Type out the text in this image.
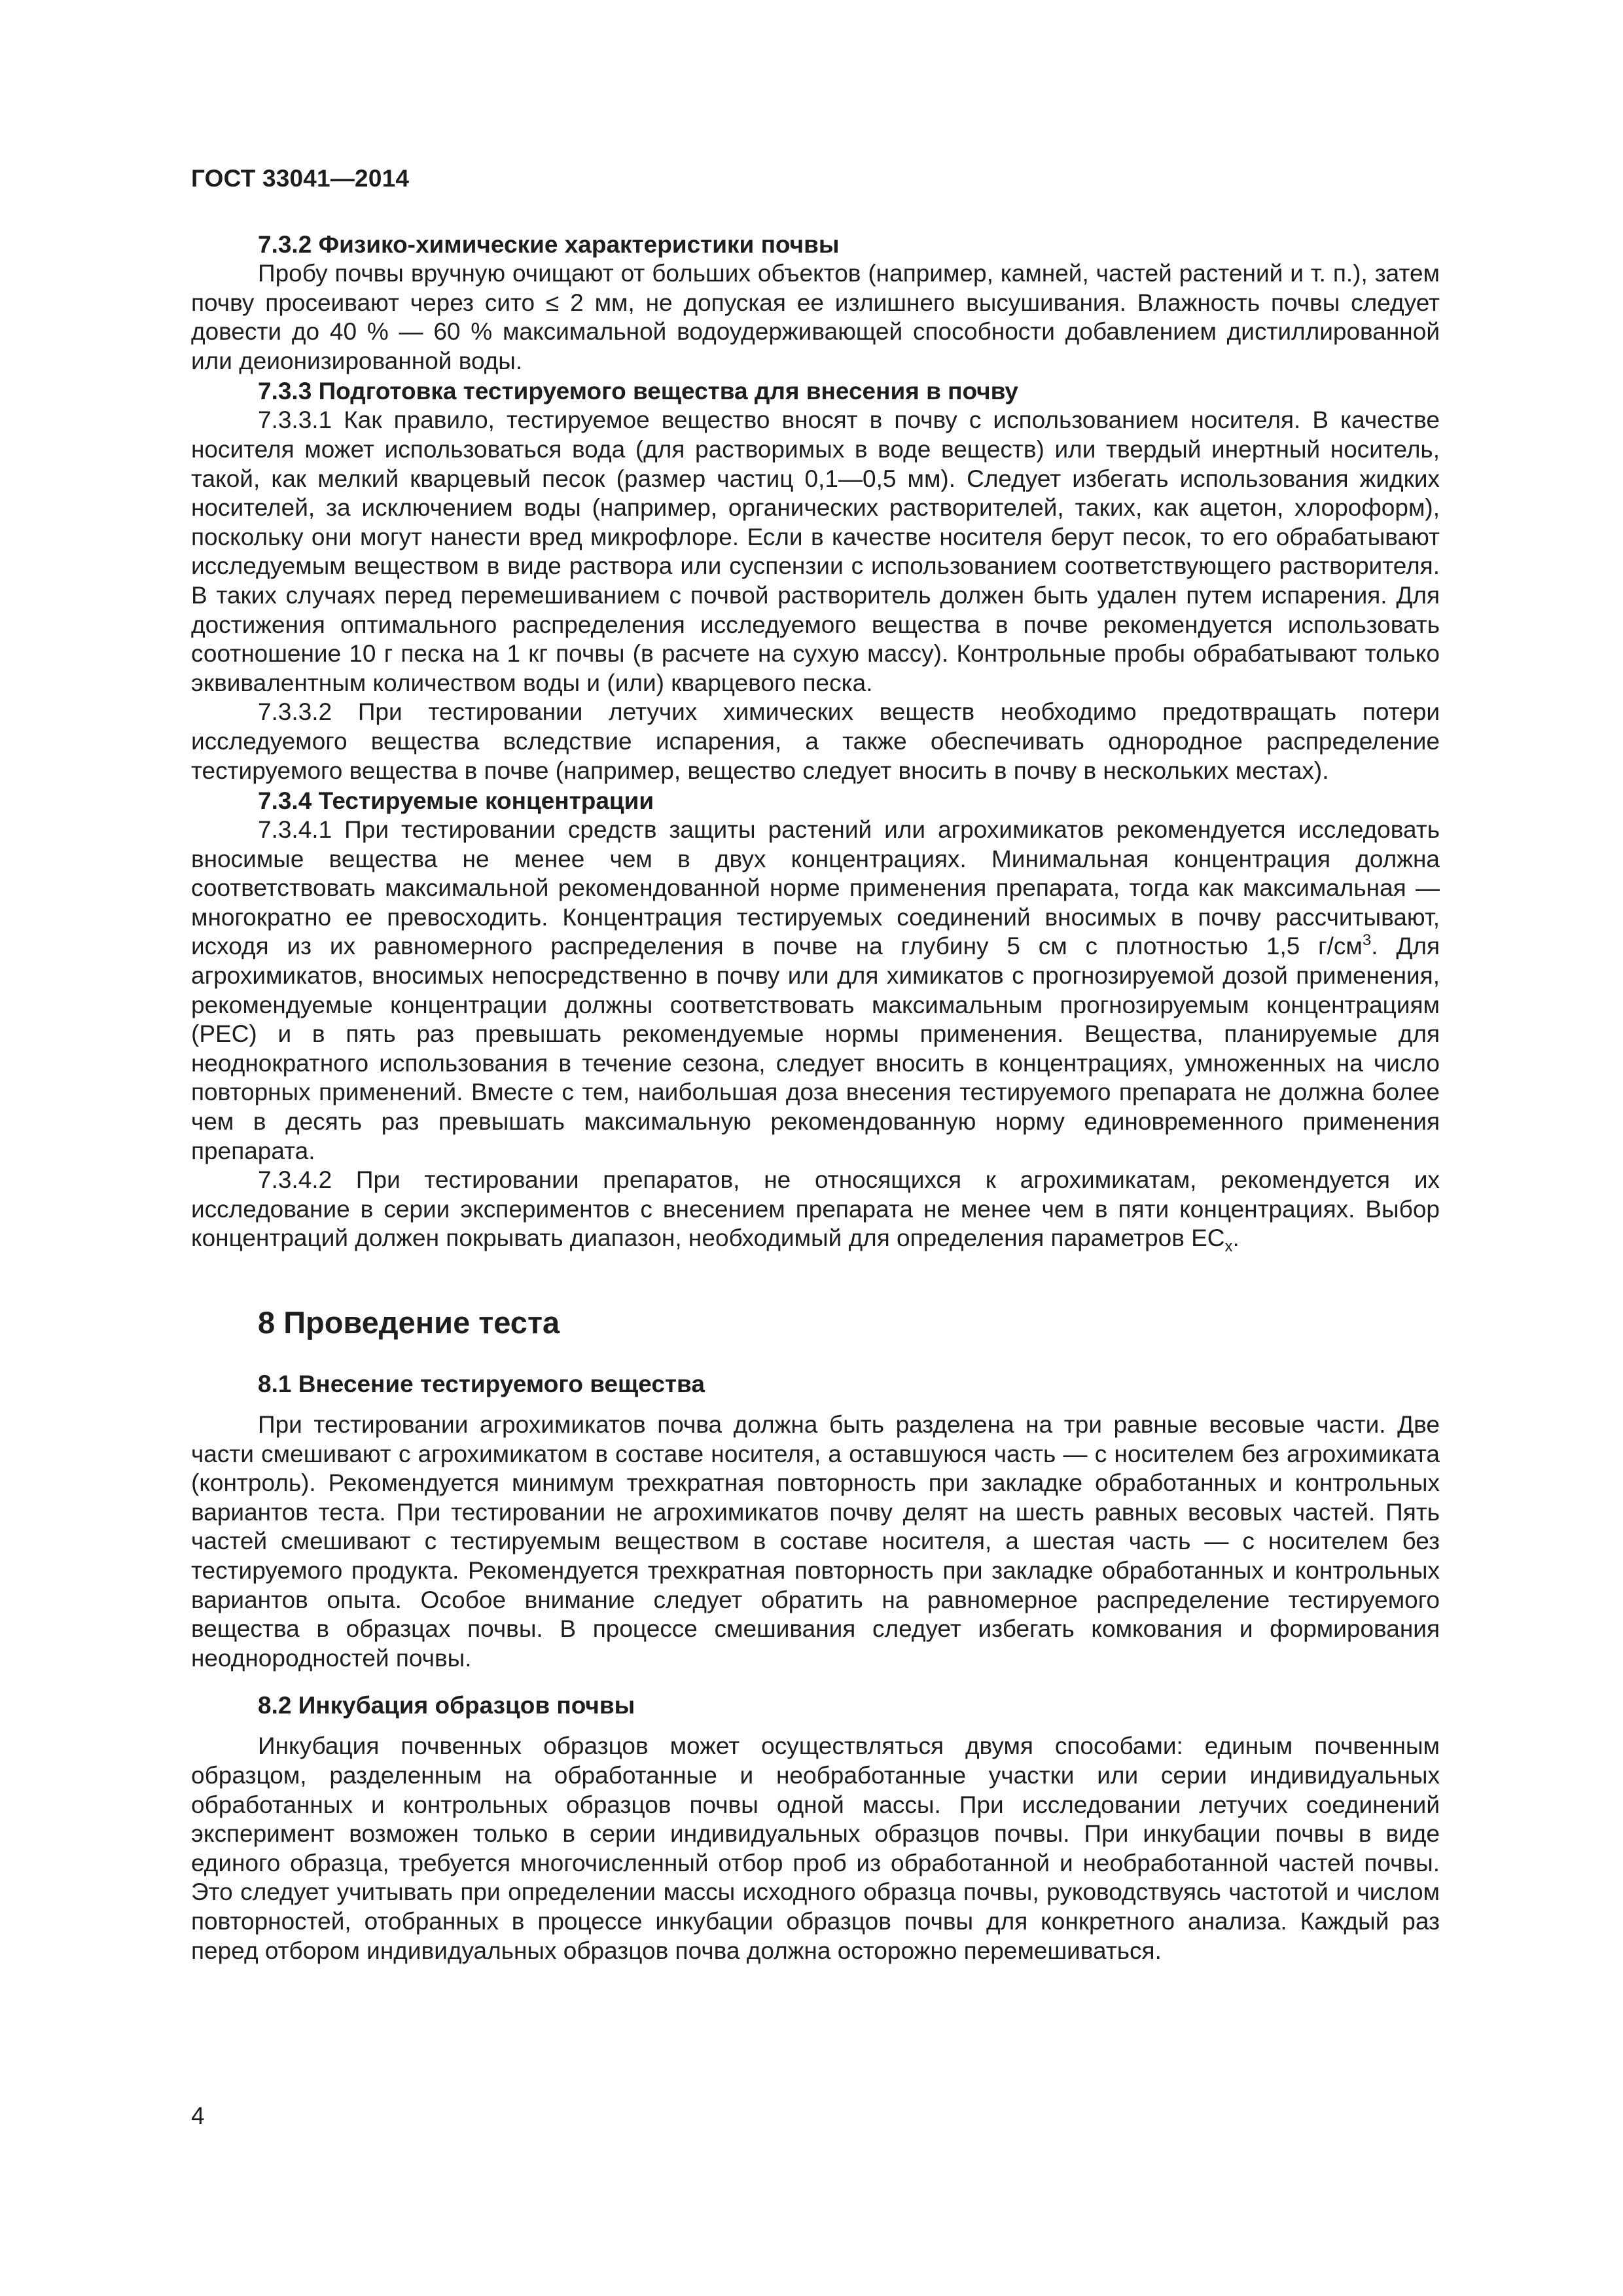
ГОСТ 33041—2014
7.3.2 Физико-химические характеристики почвы

Пробу почвы вручную очищают от больших объектов (например, камней, частей растений и т. п.), затем почву просеивают через сито ≤ 2 мм, не допуская ее излишнего высушивания. Влажность почвы следует довести до 40 % — 60 % максимальной водоудерживающей способности добавлением дистиллированной или деионизированной воды.

7.3.3 Подготовка тестируемого вещества для внесения в почву

7.3.3.1 Как правило, тестируемое вещество вносят в почву с использованием носителя. В качестве носителя может использоваться вода (для растворимых в воде веществ) или твердый инертный носитель, такой, как мелкий кварцевый песок (размер частиц 0,1—0,5 мм). Следует избегать использования жидких носителей, за исключением воды (например, органических растворителей, таких, как ацетон, хлороформ), поскольку они могут нанести вред микрофлоре. Если в качестве носителя берут песок, то его обрабатывают исследуемым веществом в виде раствора или суспензии с использованием соответствующего растворителя. В таких случаях перед перемешиванием с почвой растворитель должен быть удален путем испарения. Для достижения оптимального распределения исследуемого вещества в почве рекомендуется использовать соотношение 10 г песка на 1 кг почвы (в расчете на сухую массу). Контрольные пробы обрабатывают только эквивалентным количеством воды и (или) кварцевого песка.

7.3.3.2 При тестировании летучих химических веществ необходимо предотвращать потери исследуемого вещества вследствие испарения, а также обеспечивать однородное распределение тестируемого вещества в почве (например, вещество следует вносить в почву в нескольких местах).

7.3.4 Тестируемые концентрации

7.3.4.1 При тестировании средств защиты растений или агрохимикатов рекомендуется исследовать вносимые вещества не менее чем в двух концентрациях. Минимальная концентрация должна соответствовать максимальной рекомендованной норме применения препарата, тогда как максимальная — многократно ее превосходить. Концентрация тестируемых соединений вносимых в почву рассчитывают, исходя из их равномерного распределения в почве на глубину 5 см с плотностью 1,5 $г/см^3$. Для агрохимикатов, вносимых непосредственно в почву или для химикатов с прогнозируемой дозой применения, рекомендуемые концентрации должны соответствовать максимальным прогнозируемым концентрациям (PEC) и в пять раз превышать рекомендуемые нормы применения. Вещества, планируемые для неоднократного использования в течение сезона, следует вносить в концентрациях, умноженных на число повторных применений. Вместе с тем, наибольшая доза внесения тестируемого препарата не должна более чем в десять раз превышать максимальную рекомендованную норму единовременного применения препарата.

7.3.4.2 При тестировании препаратов, не относящихся к агрохимикатам, рекомендуется их исследование в серии экспериментов с внесением препарата не менее чем в пяти концентрациях. Выбор концентраций должен покрывать диапазон, необходимый для определения параметров $EC_x$.

8 Проведение теста
8.1 Внесение тестируемого вещества

При тестировании агрохимикатов почва должна быть разделена на три равные весовые части. Две части смешивают с агрохимикатом в составе носителя, а оставшуюся часть — с носителем без агрохимиката (контроль). Рекомендуется минимум трехкратная повторность при закладке обработанных и контрольных вариантов теста. При тестировании не агрохимикатов почву делят на шесть равных весовых частей. Пять частей смешивают с тестируемым веществом в составе носителя, а шестая часть — с носителем без тестируемого продукта. Рекомендуется трехкратная повторность при закладке обработанных и контрольных вариантов опыта. Особое внимание следует обратить на равномерное распределение тестируемого вещества в образцах почвы. В процессе смешивания следует избегать комкования и формирования неоднородностей почвы.

8.2 Инкубация образцов почвы

Инкубация почвенных образцов может осуществляться двумя способами: единым почвенным образцом, разделенным на обработанные и необработанные участки или серии индивидуальных обработанных и контрольных образцов почвы одной массы. При исследовании летучих соединений эксперимент возможен только в серии индивидуальных образцов почвы. При инкубации почвы в виде единого образца, требуется многочисленный отбор проб из обработанной и необработанной частей почвы. Это следует учитывать при определении массы исходного образца почвы, руководствуясь частотой и числом повторностей, отобранных в процессе инкубации образцов почвы для конкретного анализа. Каждый раз перед отбором индивидуальных образцов почва должна осторожно перемешиваться.

4
